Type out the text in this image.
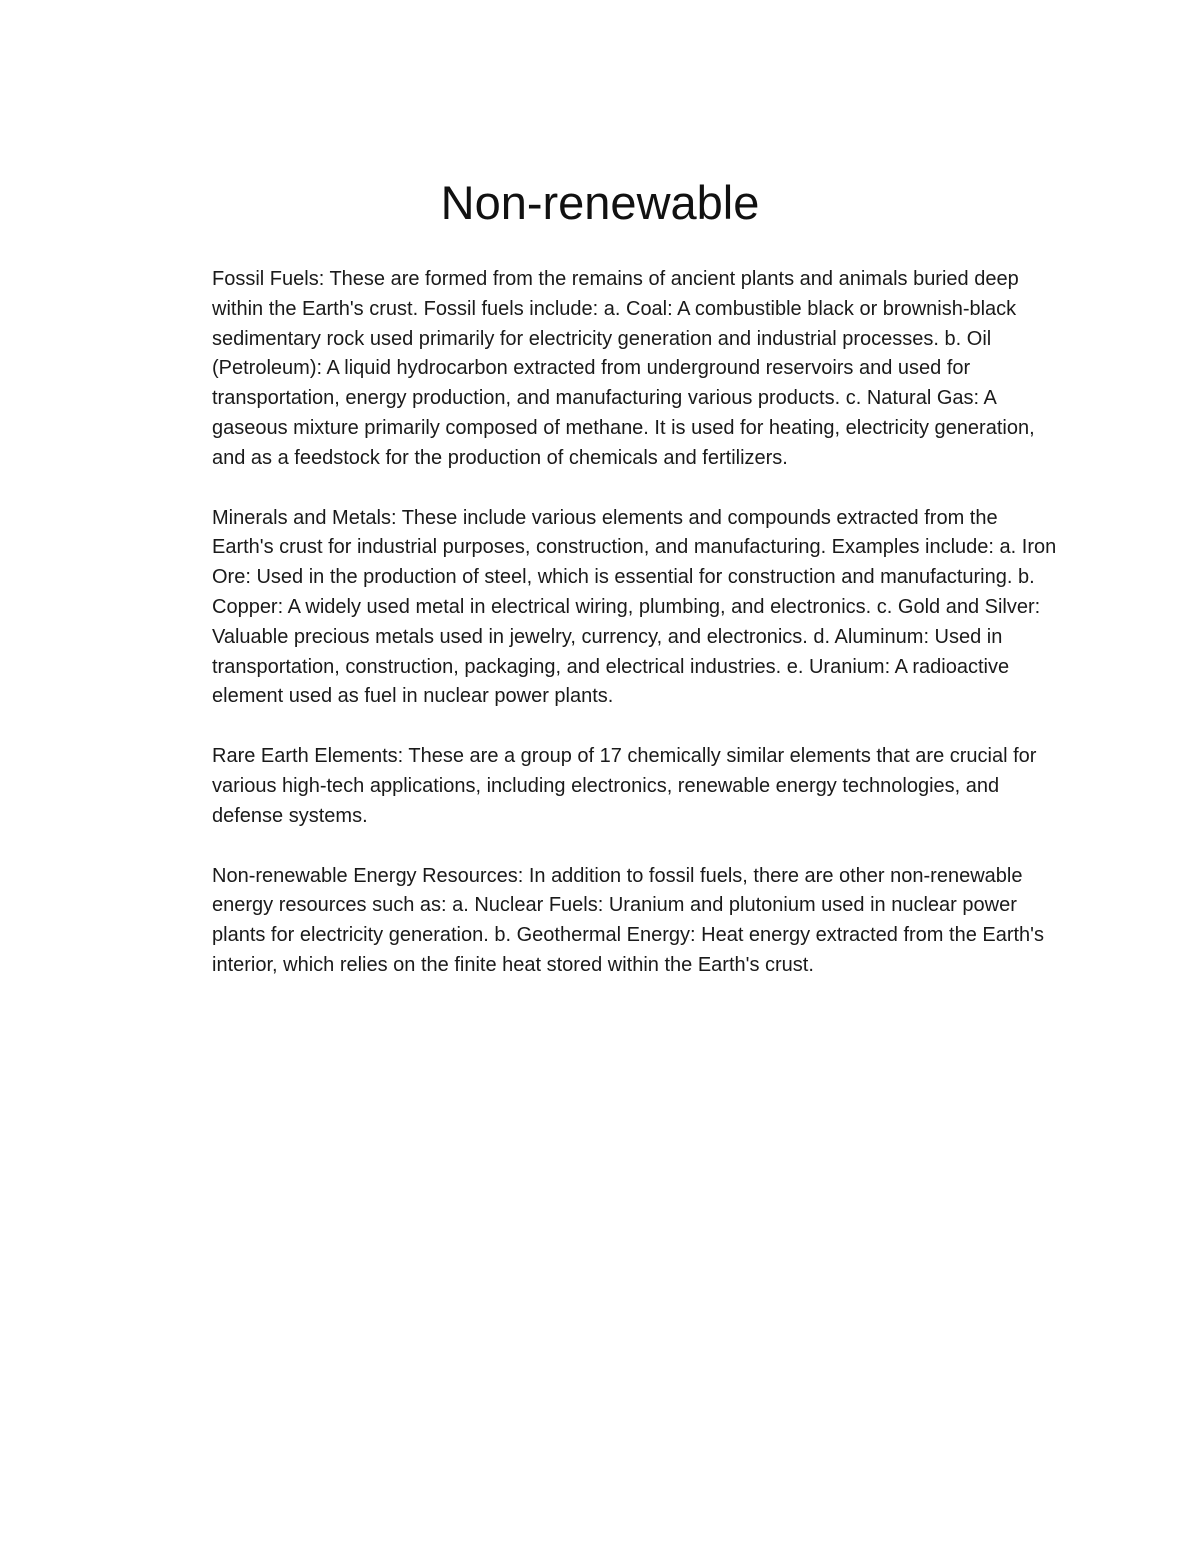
Non-renewable

Fossil Fuels: These are formed from the remains of ancient plants and animals buried deep within the Earth's crust. Fossil fuels include: a. Coal: A combustible black or brownish-black sedimentary rock used primarily for electricity generation and industrial processes. b. Oil (Petroleum): A liquid hydrocarbon extracted from underground reservoirs and used for transportation, energy production, and manufacturing various products. c. Natural Gas: A gaseous mixture primarily composed of methane. It is used for heating, electricity generation, and as a feedstock for the production of chemicals and fertilizers.

Minerals and Metals: These include various elements and compounds extracted from the Earth's crust for industrial purposes, construction, and manufacturing. Examples include: a. Iron Ore: Used in the production of steel, which is essential for construction and manufacturing. b. Copper: A widely used metal in electrical wiring, plumbing, and electronics. c. Gold and Silver: Valuable precious metals used in jewelry, currency, and electronics. d. Aluminum: Used in transportation, construction, packaging, and electrical industries. e. Uranium: A radioactive element used as fuel in nuclear power plants.

Rare Earth Elements: These are a group of 17 chemically similar elements that are crucial for various high-tech applications, including electronics, renewable energy technologies, and defense systems.

Non-renewable Energy Resources: In addition to fossil fuels, there are other non-renewable energy resources such as: a. Nuclear Fuels: Uranium and plutonium used in nuclear power plants for electricity generation. b. Geothermal Energy: Heat energy extracted from the Earth's interior, which relies on the finite heat stored within the Earth's crust.
